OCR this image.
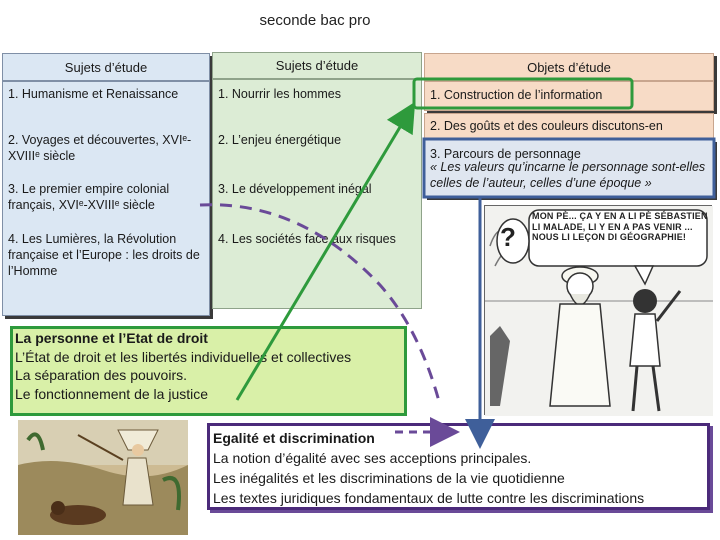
seconde bac pro
Sujets d’étude
1. Humanisme et Renaissance
2. Voyages et découvertes, XVIᵉ-XVIIIᵉ siècle
3. Le premier empire colonial français, XVIᵉ-XVIIIᵉ siècle
4. Les Lumières, la Révolution française et l’Europe : les droits de l’Homme
Sujets d’étude
1. Nourrir les hommes
2. L’enjeu énergétique
3. Le développement inégal
4. Les sociétés face aux risques
Objets d’étude
1. Construction de l’information
2. Des goûts et des couleurs discutons-en
3. Parcours de personnage
« Les valeurs qu’incarne le personnage sont-elles celles de l’auteur, celles d’une époque »
MON PÈ... ÇA Y EN A LI PÈ SÉBASTIEN LI MALADE, LI Y EN A PAS VENIR ... NOUS LI LEÇON DI GÉOGRAPHIE!
?
La personne et l’Etat de droit
L’État de droit et les libertés individuelles et collectives
La séparation des pouvoirs.
Le fonctionnement de la justice
Egalité et discrimination
La notion d’égalité avec ses acceptions principales.
Les inégalités et les discriminations de la vie quotidienne
Les textes juridiques fondamentaux de lutte contre les discriminations
